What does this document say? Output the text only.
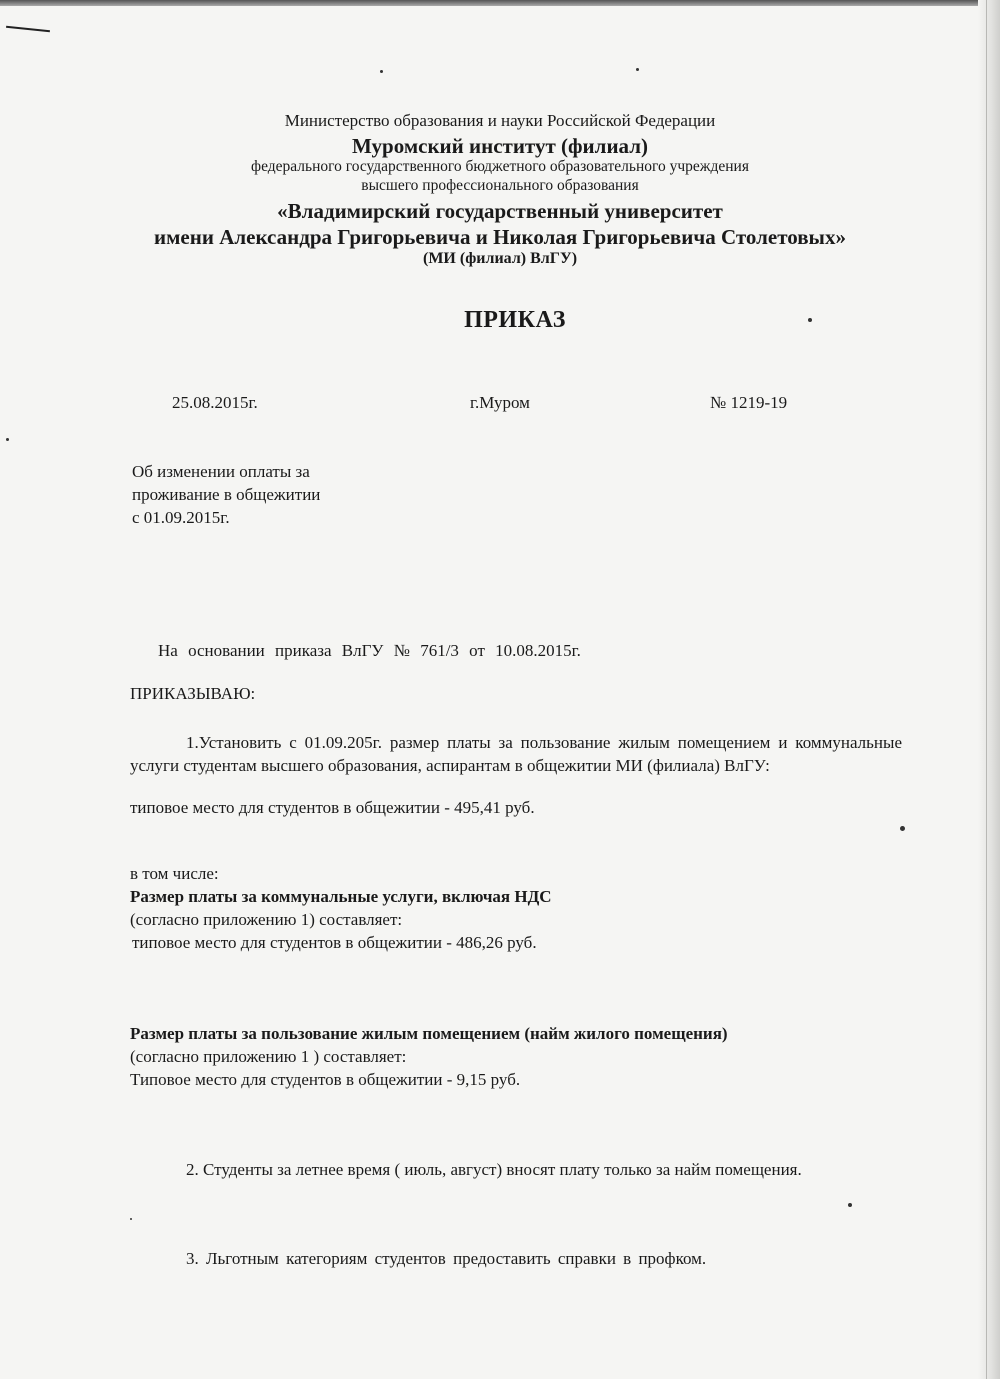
Министерство образования и науки Российской Федерации
Муромский институт (филиал)
федерального государственного бюджетного образовательного учреждения
высшего профессионального образования
«Владимирский государственный университет
имени Александра Григорьевича и Николая Григорьевича Столетовых»
(МИ (филиал) ВлГУ)
ПРИКАЗ
25.08.2015г.	г.Муром	№ 1219-19
Об изменении оплаты за
проживание в общежитии
с 01.09.2015г.
На основании приказа ВлГУ № 761/3 от 10.08.2015г.
ПРИКАЗЫВАЮ:
1.Установить с 01.09.205г. размер платы за пользование жилым помещением и коммунальные услуги студентам высшего образования, аспирантам в общежитии МИ (филиала) ВлГУ:
типовое место для студентов в общежитии - 495,41 руб.
в том числе:
Размер платы за коммунальные услуги, включая НДС
(согласно приложению 1) составляет:
типовое место для студентов в общежитии - 486,26 руб.
Размер платы за пользование жилым помещением (найм жилого помещения)
(согласно приложению 1 ) составляет:
Типовое место для студентов в общежитии - 9,15 руб.
2. Студенты за летнее время ( июль, август) вносят плату только за найм помещения.
3. Льготным категориям студентов предоставить справки в профком.
